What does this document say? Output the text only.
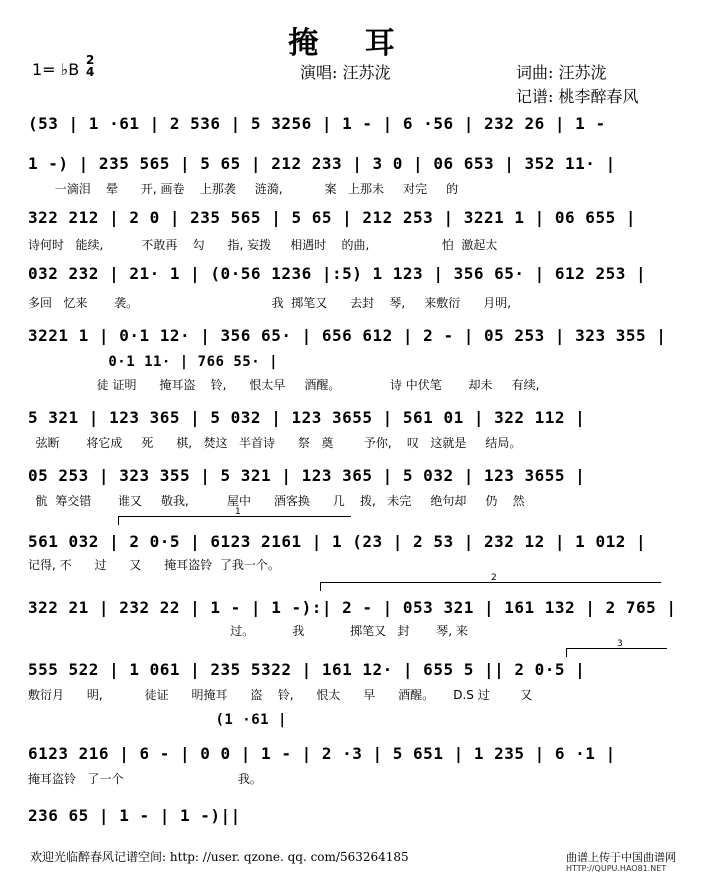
掩 耳
1= ♭B 2
4	演唱: 汪苏泷	词曲: 汪苏泷
记谱: 桃李醉春风
(53 | 1 ·61 | 2 536 | 5 3256 | 1 - | 6 ·56 | 232 26 | 1 -
1 -) | 235 565 | 5 65 | 212 233 | 3 0 | 06 653 | 352 11· |
一滴泪    晕      开, 画卷    上那袭     涟漪,           案   上那未     对完     的
322 212 | 2 0 | 235 565 | 5 65 | 212 253 | 3221 1 | 06 655 |
诗何时   能续,          不敢再    勾      指, 妄拨     相遇时    的曲,                   怕  激起太
032 232 | 21· 1 | (0·56 1236 |:5) 1 123 | 356 65· | 612 253 |
多回   忆来       袭。                                   我  掷笔又      去封    琴,     来敷衍      月明,
3221 1 | 0·1 12· | 356 65· | 656 612 | 2 - | 05 253 | 323 355 |
0·1 11· | 766 55· |
徒 证明      掩耳盗    铃,      恨太早     酒醒。             诗 中伏笔       却未     有续,
5 321 | 123 365 | 5 032 | 123 3655 | 561 01 | 322 112 |
弦断       将它成     死      棋,   焚这   半首诗      祭   奠        予你,    叹   这就是     结局。
05 253 | 323 355 | 5 321 | 123 365 | 5 032 | 123 3655 |
骯  筹交错       谁又     敬我,          屋中      酒客换      几    拨,   未完     绝句却     仍    然
1
561 032 | 2 0·5 | 6123 2161 | 1 (23 | 2 53 | 232 12 | 1 012 |
记得, 不      过      又      掩耳盗铃  了我一个。
2
322 21 | 232 22 | 1 - | 1 -):| 2 - | 053 321 | 161 132 | 2 765 |
过。          我            掷笔又   封       琴, 来
3
555 522 | 1 061 | 235 5322 | 161 12· | 655 5 || 2 0·5 |
敷衍月      明,           徒证      明掩耳      盗    铃,      恨太      早      酒醒。     D.S 过        又
(1 ·61 |
6123 216 | 6 - | 0 0 | 1 - | 2 ·3 | 5 651 | 1 235 | 6 ·1 |
掩耳盗铃   了一个                              我。
236 65 | 1 - | 1 -)||
欢迎光临醉春风记谱空间: http: //user. qzone. qq. com/563264185	曲谱上传于中国曲谱网
HTTP://QUPU.HAO81.NET
